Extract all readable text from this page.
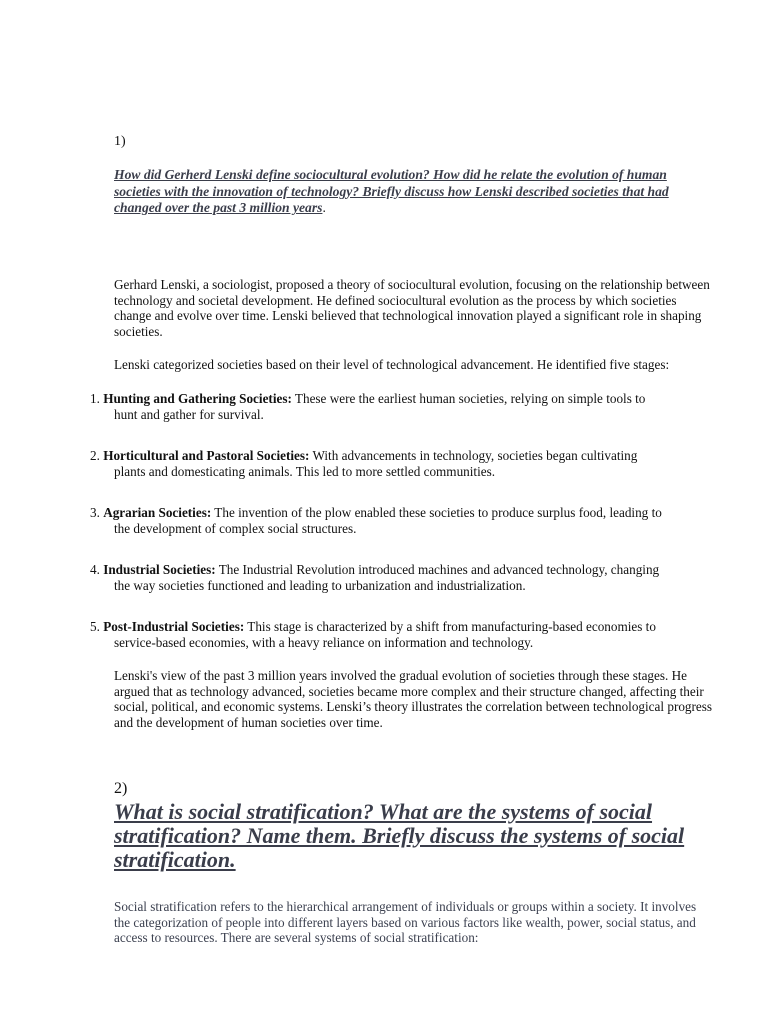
1)
How did Gerherd Lenski define sociocultural evolution? How did he relate the evolution of human societies with the innovation of technology? Briefly discuss how Lenski described societies that had changed over the past 3 million years.
Gerhard Lenski, a sociologist, proposed a theory of sociocultural evolution, focusing on the relationship between technology and societal development. He defined sociocultural evolution as the process by which societies change and evolve over time. Lenski believed that technological innovation played a significant role in shaping societies.
Lenski categorized societies based on their level of technological advancement. He identified five stages:
1. Hunting and Gathering Societies: These were the earliest human societies, relying on simple tools to
hunt and gather for survival.
2. Horticultural and Pastoral Societies: With advancements in technology, societies began cultivating
plants and domesticating animals. This led to more settled communities.
3. Agrarian Societies: The invention of the plow enabled these societies to produce surplus food, leading to
the development of complex social structures.
4. Industrial Societies: The Industrial Revolution introduced machines and advanced technology, changing
the way societies functioned and leading to urbanization and industrialization.
5. Post-Industrial Societies: This stage is characterized by a shift from manufacturing-based economies to
service-based economies, with a heavy reliance on information and technology.
Lenski's view of the past 3 million years involved the gradual evolution of societies through these stages. He argued that as technology advanced, societies became more complex and their structure changed, affecting their social, political, and economic systems. Lenski’s theory illustrates the correlation between technological progress and the development of human societies over time.
2)
What is social stratification? What are the systems of social stratification? Name them. Briefly discuss the systems of social stratification.
Social stratification refers to the hierarchical arrangement of individuals or groups within a society. It involves the categorization of people into different layers based on various factors like wealth, power, social status, and access to resources. There are several systems of social stratification:
